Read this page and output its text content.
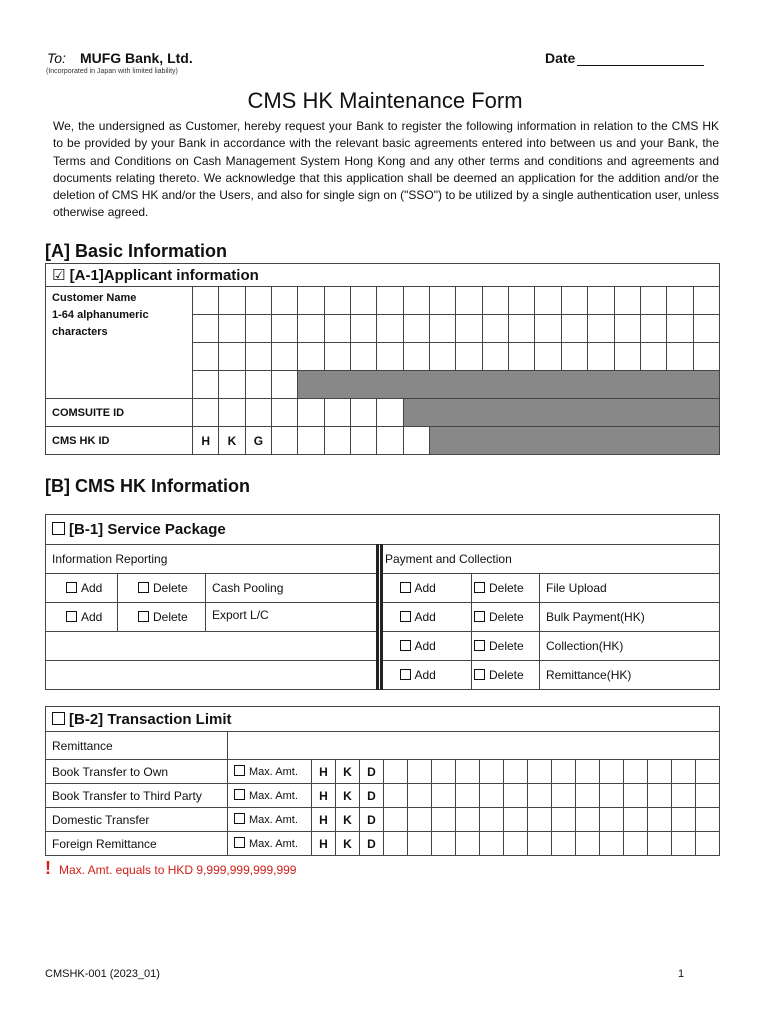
To: MUFG Bank, Ltd.
(Incorporated in Japan with limited liability)
Date
CMS HK Maintenance Form
We, the undersigned as Customer, hereby request your Bank to register the following information in relation to the CMS HK to be provided by your Bank in accordance with the relevant basic agreements entered into between us and your Bank, the Terms and Conditions on Cash Management System Hong Kong and any other terms and conditions and agreements and documents relating thereto. We acknowledge that this application shall be deemed an application for the addition and/or the deletion of CMS HK and/or the Users, and also for single sign on ("SSO") to be utilized by a single authentication user, unless otherwise agreed.
[A] Basic Information
☑ [A-1]Applicant information																				

Customer Name
1-64 alphanumeric
characters																				

COMSUITE ID																				
CMS HK ID	H	K	G																	
[B] CMS HK Information
[B-1] Service Package							
Information Reporting				Payment and Collection			
Add	Delete	Cash Pooling			Add	Delete	File Upload
Add	Delete	Export L/C			Add	Delete	Bulk Payment(HK)
					Add	Delete	Collection(HK)
					Add	Delete	Remittance(HK)
[B-2] Transaction Limit																		
Remittance																		
Book Transfer to Own	Max. Amt.	H	K	D														
Book Transfer to Third Party	Max. Amt.	H	K	D														
Domestic Transfer	Max. Amt.	H	K	D														
Foreign Remittance	Max. Amt.	H	K	D														
! Max. Amt. equals to HKD 9,999,999,999,999
CMSHK-001 (2023_01)	1
